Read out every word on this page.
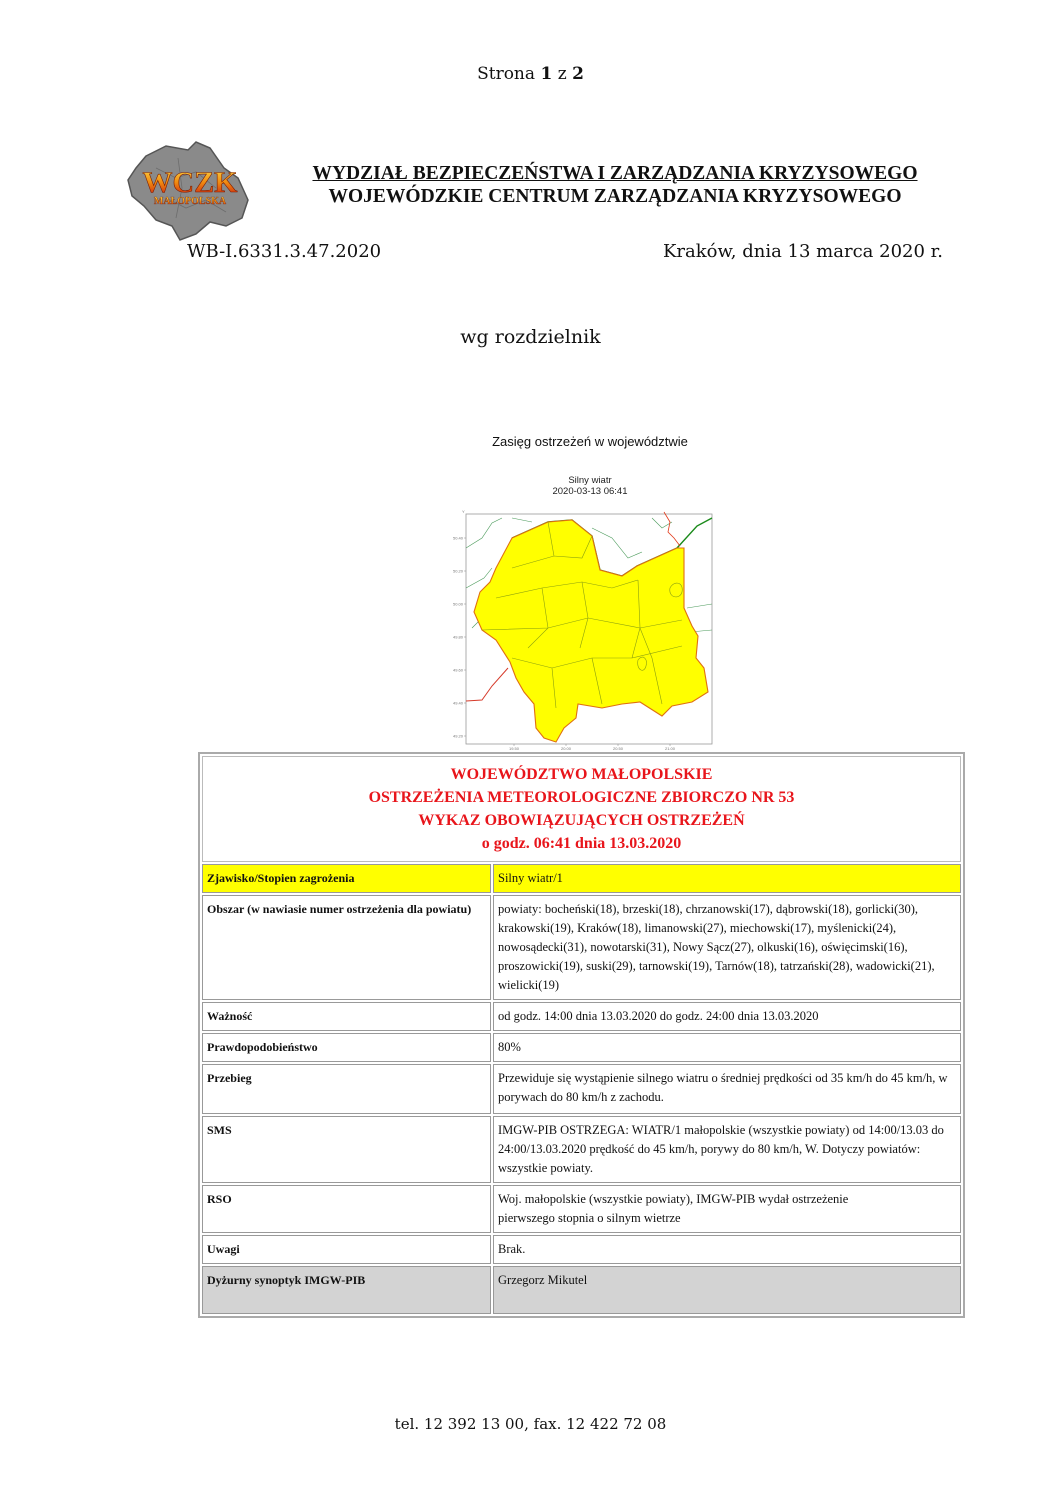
Strona 1 z 2
WCZK
MAŁOPOLSKA
WYDZIAŁ BEZPIECZEŃSTWA I ZARZĄDZANIA KRYZYSOWEGO
WOJEWÓDZKIE CENTRUM ZARZĄDZANIA KRYZYSOWEGO
WB-I.6331.3.47.2020	Kraków, dnia 13 marca 2020 r.
wg rozdzielnik
Zasięg ostrzeżeń w województwie
Silny wiatr
2020-03-13 06:41
Y
50.40
50.20
50.00
49.80
49.60
49.40
49.20
19.50	20.00	20.50	21.00
WOJEWÓDZTWO MAŁOPOLSKIE
OSTRZEŻENIA METEOROLOGICZNE ZBIORCZO NR 53
WYKAZ OBOWIĄZUJĄCYCH OSTRZEŻEŃ
o godz. 06:41 dnia 13.03.2020	

Zjawisko/Stopien zagrożenia	Silny wiatr/1
Obszar (w nawiasie numer ostrzeżenia dla powiatu)	powiaty: bocheński(18), brzeski(18), chrzanowski(17), dąbrowski(18), gorlicki(30), krakowski(19), Kraków(18), limanowski(27), miechowski(17), myślenicki(24), nowosądecki(31), nowotarski(31), Nowy Sącz(27), olkuski(16), oświęcimski(16), proszowicki(19), suski(29), tarnowski(19), Tarnów(18), tatrzański(28), wadowicki(21), wielicki(19)
Ważność	od godz. 14:00 dnia 13.03.2020 do godz. 24:00 dnia 13.03.2020
Prawdopodobieństwo	80%
Przebieg	Przewiduje się wystąpienie silnego wiatru o średniej prędkości od 35 km/h do 45 km/h, w porywach do 80 km/h z zachodu.
SMS	IMGW-PIB OSTRZEGA: WIATR/1 małopolskie (wszystkie powiaty) od 14:00/13.03 do 24:00/13.03.2020 prędkość do 45 km/h, porywy do 80 km/h, W. Dotyczy powiatów: wszystkie powiaty.
RSO	Woj. małopolskie (wszystkie powiaty), IMGW-PIB wydał ostrzeżenie pierwszego stopnia o silnym wietrze
Uwagi	Brak.
Dyżurny synoptyk IMGW-PIB	Grzegorz Mikutel
tel. 12 392 13 00, fax. 12 422 72 08
